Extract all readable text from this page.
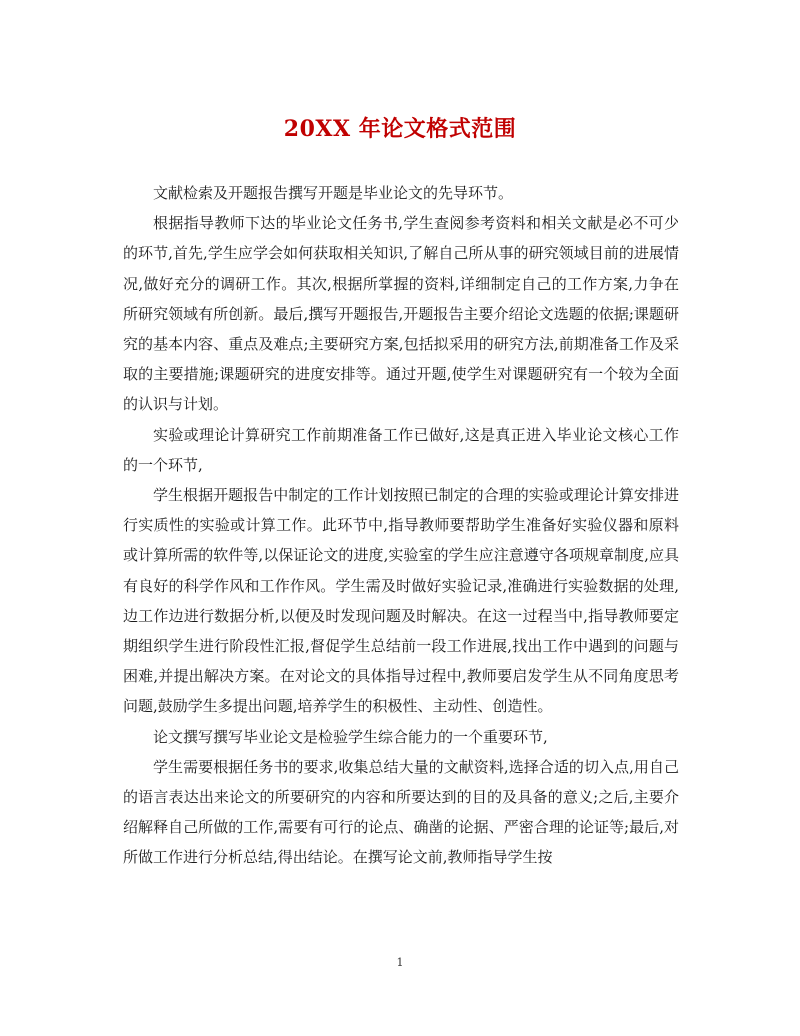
20XX 年论文格式范围

文献检索及开题报告撰写开题是毕业论文的先导环节。

根据指导教师下达的毕业论文任务书,学生查阅参考资料和相关文献是必不可少的环节,首先,学生应学会如何获取相关知识,了解自己所从事的研究领域目前的进展情况,做好充分的调研工作。其次,根据所掌握的资料,详细制定自己的工作方案,力争在所研究领域有所创新。最后,撰写开题报告,开题报告主要介绍论文选题的依据;课题研究的基本内容、重点及难点;主要研究方案,包括拟采用的研究方法,前期准备工作及采取的主要措施;课题研究的进度安排等。通过开题,使学生对课题研究有一个较为全面的认识与计划。

实验或理论计算研究工作前期准备工作已做好,这是真正进入毕业论文核心工作的一个环节,

学生根据开题报告中制定的工作计划按照已制定的合理的实验或理论计算安排进行实质性的实验或计算工作。此环节中,指导教师要帮助学生准备好实验仪器和原料或计算所需的软件等,以保证论文的进度,实验室的学生应注意遵守各项规章制度,应具有良好的科学作风和工作作风。学生需及时做好实验记录,准确进行实验数据的处理,边工作边进行数据分析,以便及时发现问题及时解决。在这一过程当中,指导教师要定期组织学生进行阶段性汇报,督促学生总结前一段工作进展,找出工作中遇到的问题与困难,并提出解决方案。在对论文的具体指导过程中,教师要启发学生从不同角度思考问题,鼓励学生多提出问题,培养学生的积极性、主动性、创造性。

论文撰写撰写毕业论文是检验学生综合能力的一个重要环节,

学生需要根据任务书的要求,收集总结大量的文献资料,选择合适的切入点,用自己的语言表达出来论文的所要研究的内容和所要达到的目的及具备的意义;之后,主要介绍解释自己所做的工作,需要有可行的论点、确凿的论据、严密合理的论证等;最后,对所做工作进行分析总结,得出结论。在撰写论文前,教师指导学生按

1
